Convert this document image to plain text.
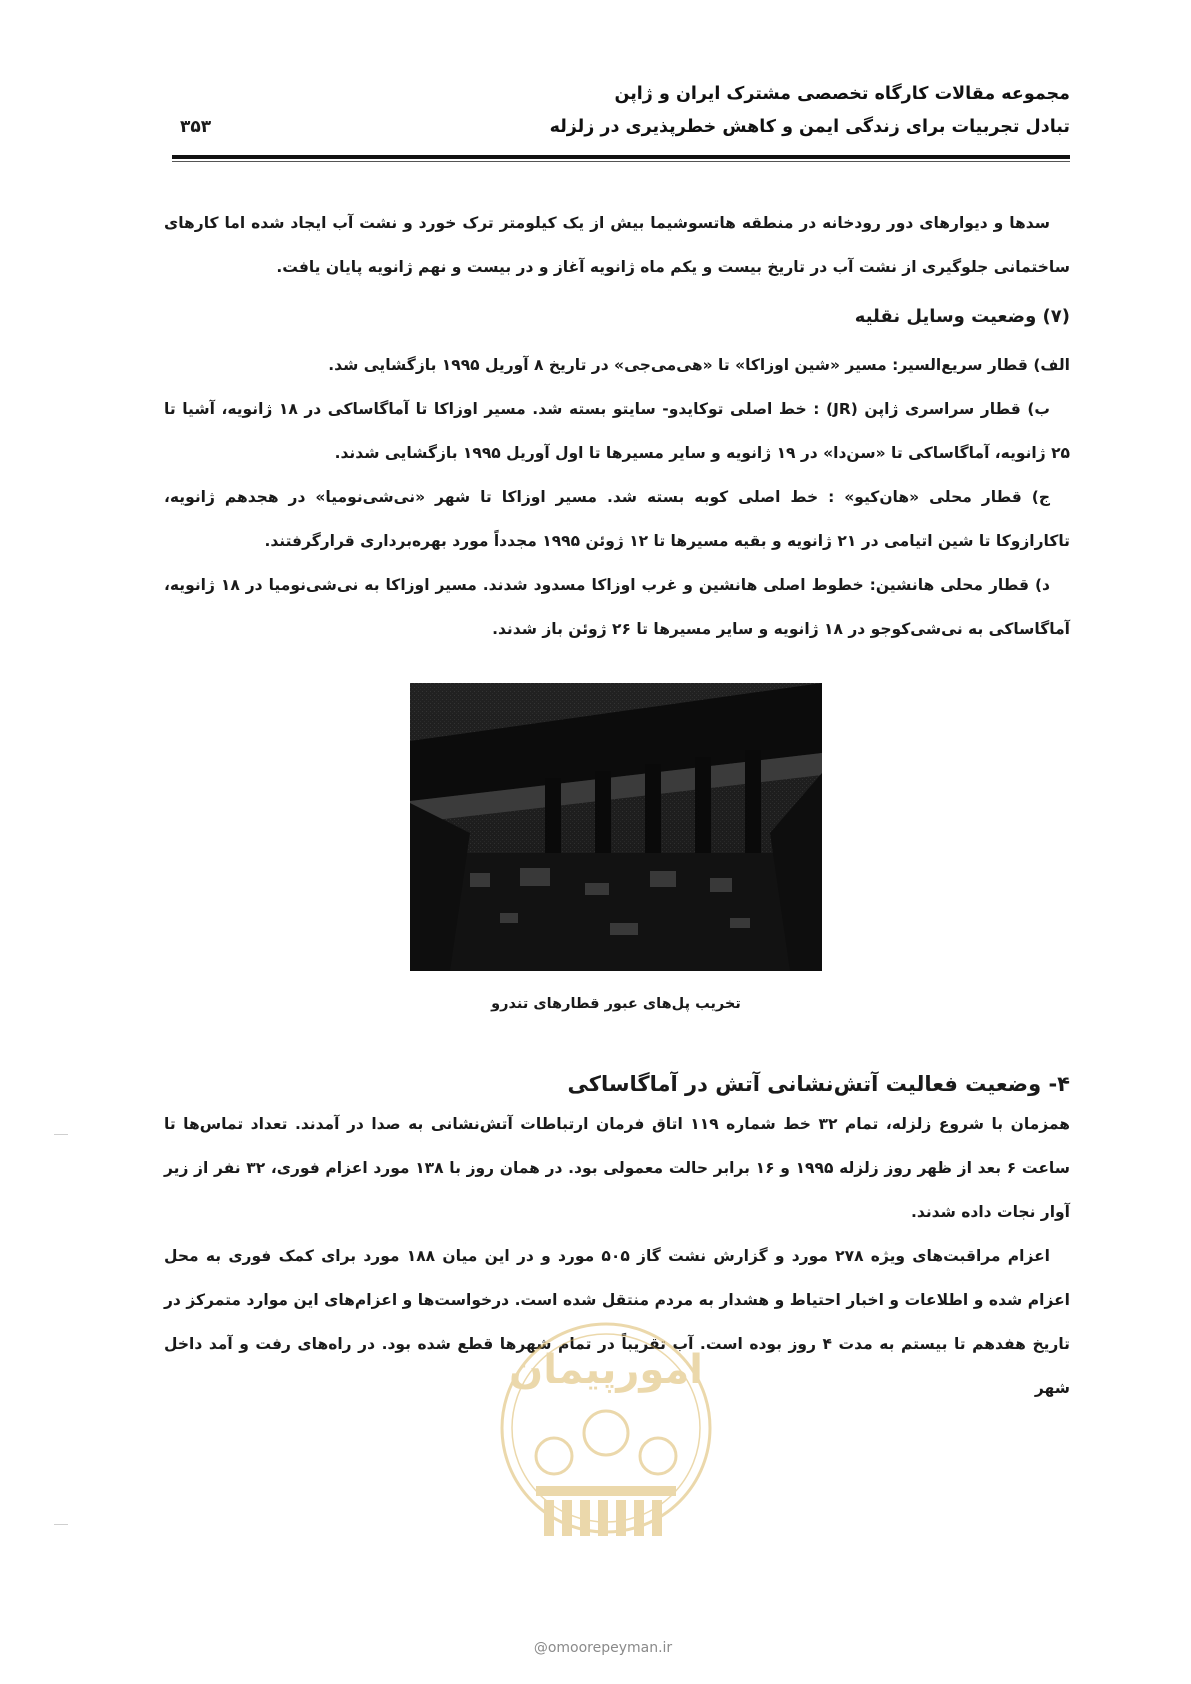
مجموعه مقالات کارگاه تخصصی مشترک ایران و ژاپن
تبادل تجربیات برای زندگی ایمن و کاهش خطرپذیری در زلزله
۳۵۳

سدها و دیوارهای دور رودخانه در منطقه هاتسوشیما بیش از یک کیلومتر ترک خورد و نشت آب ایجاد شده اما کارهای ساختمانی جلوگیری از نشت آب در تاریخ بیست و یکم ماه ژانویه آغاز و در بیست و نهم ژانویه پایان یافت.

(۷) وضعیت وسایل نقلیه

الف) قطار سریع‌السیر: مسیر «شین اوزاکا» تا «هی‌می‌جی» در تاریخ ۸ آوریل ۱۹۹۵ بازگشایی شد.

ب) قطار سراسری ژاپن (JR) : خط اصلی توکایدو- سایتو بسته شد. مسیر اوزاکا تا آماگاساکی در ۱۸ ژانویه، آشیا تا ۲۵ ژانویه، آماگاساکی تا «سن‌دا» در ۱۹ ژانویه و سایر مسیرها تا اول آوریل ۱۹۹۵ بازگشایی شدند.

ج) قطار محلی «هان‌کیو» : خط اصلی کوبه بسته شد. مسیر اوزاکا تا شهر «نی‌شی‌نومیا» در هجدهم ژانویه، تاکارازوکا تا شین اتیامی در ۲۱ ژانویه و بقیه مسیرها تا ۱۲ ژوئن ۱۹۹۵ مجدداً مورد بهره‌برداری قرارگرفتند.

د) قطار محلی هانشین: خطوط اصلی هانشین و غرب اوزاکا مسدود شدند. مسیر اوزاکا به نی‌شی‌نومیا در ۱۸ ژانویه، آماگاساکی به نی‌شی‌کوجو در ۱۸ ژانویه و سایر مسیرها تا ۲۶ ژوئن باز شدند.

تخریب پل‌های عبور قطارهای تندرو
۴- وضعیت فعالیت آتش‌نشانی آتش در آماگاساکی

همزمان با شروع زلزله، تمام ۳۲ خط شماره ۱۱۹ اتاق فرمان ارتباطات آتش‌نشانی به صدا در آمدند. تعداد تماس‌ها تا ساعت ۶ بعد از ظهر روز زلزله ۱۹۹۵ و ۱۶ برابر حالت معمولی بود. در همان روز با ۱۳۸ مورد اعزام فوری، ۳۲ نفر از زیر آوار نجات داده شدند.

اعزام مراقبت‌های ویژه ۲۷۸ مورد و گزارش نشت گاز ۵۰۵ مورد و در این میان ۱۸۸ مورد برای کمک فوری به محل اعزام شده و اطلاعات و اخبار احتیاط و هشدار به مردم منتقل شده است. درخواست‌ها و اعزام‌های این موارد متمرکز در تاریخ هفدهم تا بیستم به مدت ۴ روز بوده است. آب تقریباً در تمام شهرها قطع شده بود. در راه‌های رفت و آمد داخل شهر

امورپیمان
@omoorepeyman.ir
